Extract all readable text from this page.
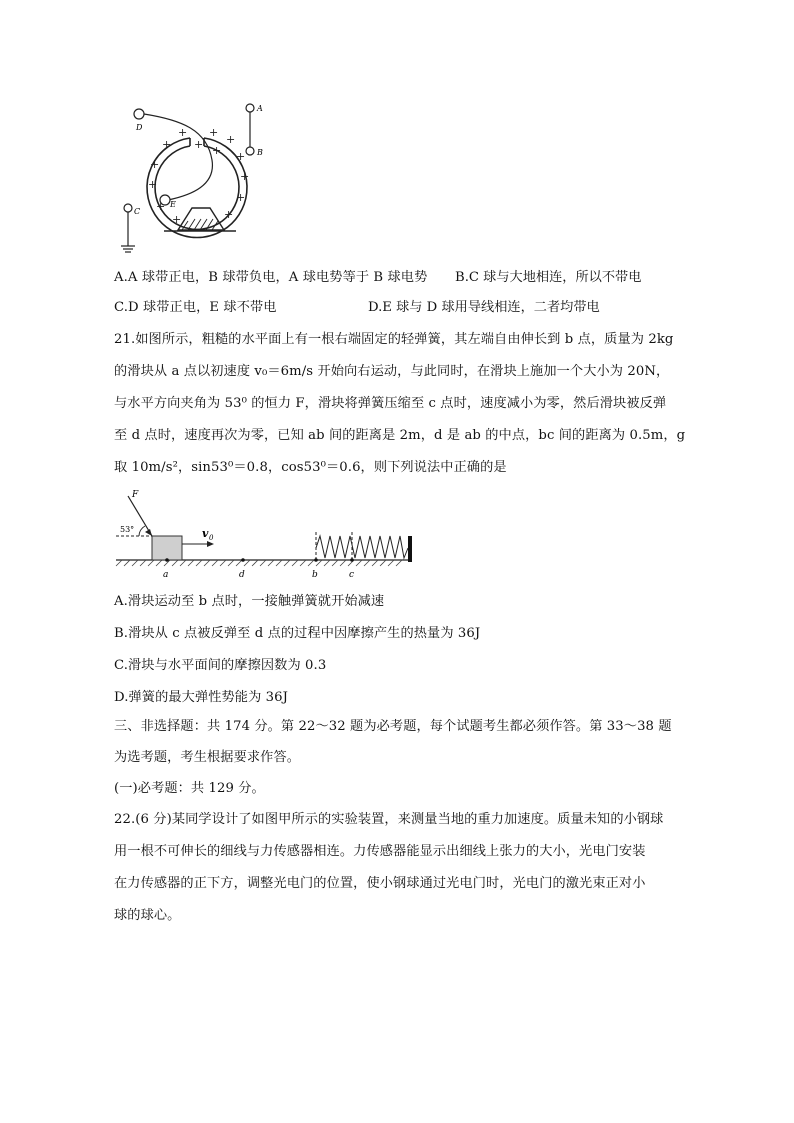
D
E
A
B
C
+ +
+
+
+
+
+
+
+
+
+
+
+ +
A.A 球带正电，B 球带负电，A 球电势等于 B 球电势 B.C 球与大地相连，所以不带电
C.D 球带正电，E 球不带电	D.E 球与 D 球用导线相连，二者均带电
21.如图所示，粗糙的水平面上有一根右端固定的轻弹簧，其左端自由伸长到 b 点，质量为 2kg
的滑块从 a 点以初速度 v₀＝6m/s 开始向右运动，与此同时，在滑块上施加一个大小为 20N，
与水平方向夹角为 53⁰ 的恒力 F，滑块将弹簧压缩至 c 点时，速度减小为零，然后滑块被反弹
至 d 点时，速度再次为零，已知 ab 间的距离是 2m，d 是 ab 的中点，bc 间的距离为 0.5m，g
取 10m/s²，sin53⁰＝0.8，cos53⁰＝0.6，则下列说法中正确的是
F
53°	v 0
a	d	b	c
A.滑块运动至 b 点时，一接触弹簧就开始减速
B.滑块从 c 点被反弹至 d 点的过程中因摩擦产生的热量为 36J
C.滑块与水平面间的摩擦因数为 0.3
D.弹簧的最大弹性势能为 36J
三、非选择题：共 174 分。第 22～32 题为必考题，每个试题考生都必须作答。第 33～38 题
为选考题，考生根据要求作答。
(一)必考题：共 129 分。
22.(6 分)某同学设计了如图甲所示的实验装置，来测量当地的重力加速度。质量未知的小钢球
用一根不可伸长的细线与力传感器相连。力传感器能显示出细线上张力的大小，光电门安装
在力传感器的正下方，调整光电门的位置，使小钢球通过光电门时，光电门的激光束正对小
球的球心。
